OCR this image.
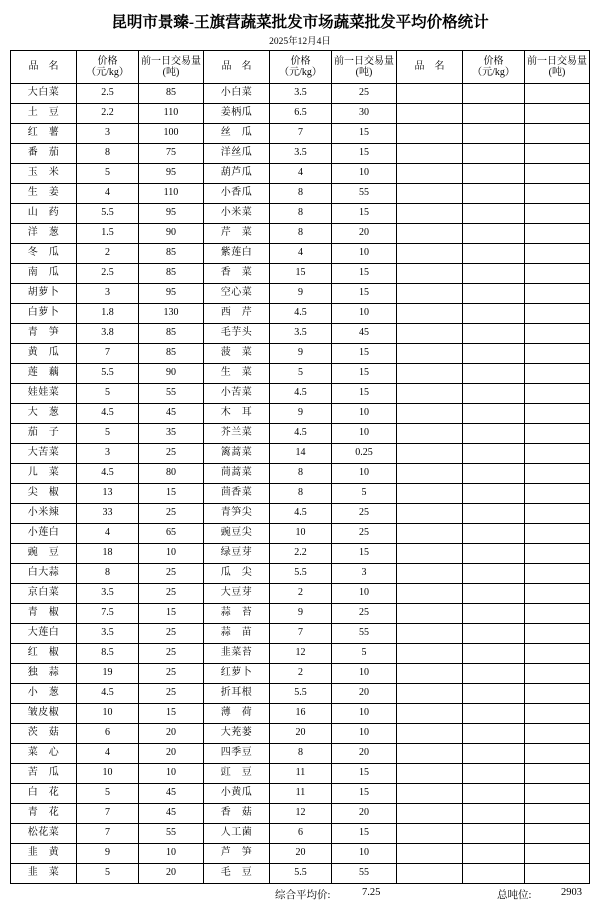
昆明市景臻-王旗营蔬菜批发市场蔬菜批发平均价格统计
2025年12月4日
品　名	价格（元/kg）	前一日交易量(吨)	品　名	价格（元/kg）	前一日交易量(吨)	品　名	价格（元/kg）	前一日交易量(吨)
大白菜	2.5	85	小白菜	3.5	25			
土　豆	2.2	110	姜柄瓜	6.5	30			
红　薯	3	100	丝　瓜	7	15			
番　茄	8	75	洋丝瓜	3.5	15			
玉　米	5	95	葫芦瓜	4	10			
生　姜	4	110	小香瓜	8	55			
山　药	5.5	95	小米菜	8	15			
洋　葱	1.5	90	芹　菜	8	20			
冬　瓜	2	85	紫莲白	4	10			
南　瓜	2.5	85	香　菜	15	15			
胡萝卜	3	95	空心菜	9	15			
白萝卜	1.8	130	西　芹	4.5	10			
青　笋	3.8	85	毛芋头	3.5	45			
黄　瓜	7	85	菠　菜	9	15			
莲　藕	5.5	90	生　菜	5	15			
娃娃菜	5	55	小苦菜	4.5	15			
大　葱	4.5	45	木　耳	9	10			
茄　子	5	35	芥兰菜	4.5	10			
大苦菜	3	25	篱蒿菜	14	0.25			
儿　菜	4.5	80	茼蒿菜	8	10			
尖　椒	13	15	茴香菜	8	5			
小米辣	33	25	青笋尖	4.5	25			
小莲白	4	65	豌豆尖	10	25			
豌　豆	18	10	绿豆芽	2.2	15			
白大蒜	8	25	瓜　尖	5.5	3			
京白菜	3.5	25	大豆芽	2	10			
青　椒	7.5	15	蒜　苔	9	25			
大莲白	3.5	25	蒜　苗	7	55			
红　椒	8.5	25	韭菜苔	12	5			
独　蒜	19	25	红萝卜	2	10			
小　葱	4.5	25	折耳根	5.5	20			
皱皮椒	10	15	薄　荷	16	10			
茨　菇	6	20	大茺蒌	20	10			
菜　心	4	20	四季豆	8	20			
苦　瓜	10	10	豇　豆	11	15			
白　花	5	45	小黄瓜	11	15			
青　花	7	45	香　菇	12	20			
松花菜	7	55	人工菌	6	15			
韭　黄	9	10	芦　笋	20	10			
韭　菜	5	20	毛　豆	5.5	55			
综合平均价:	7.25	总吨位:	2903
